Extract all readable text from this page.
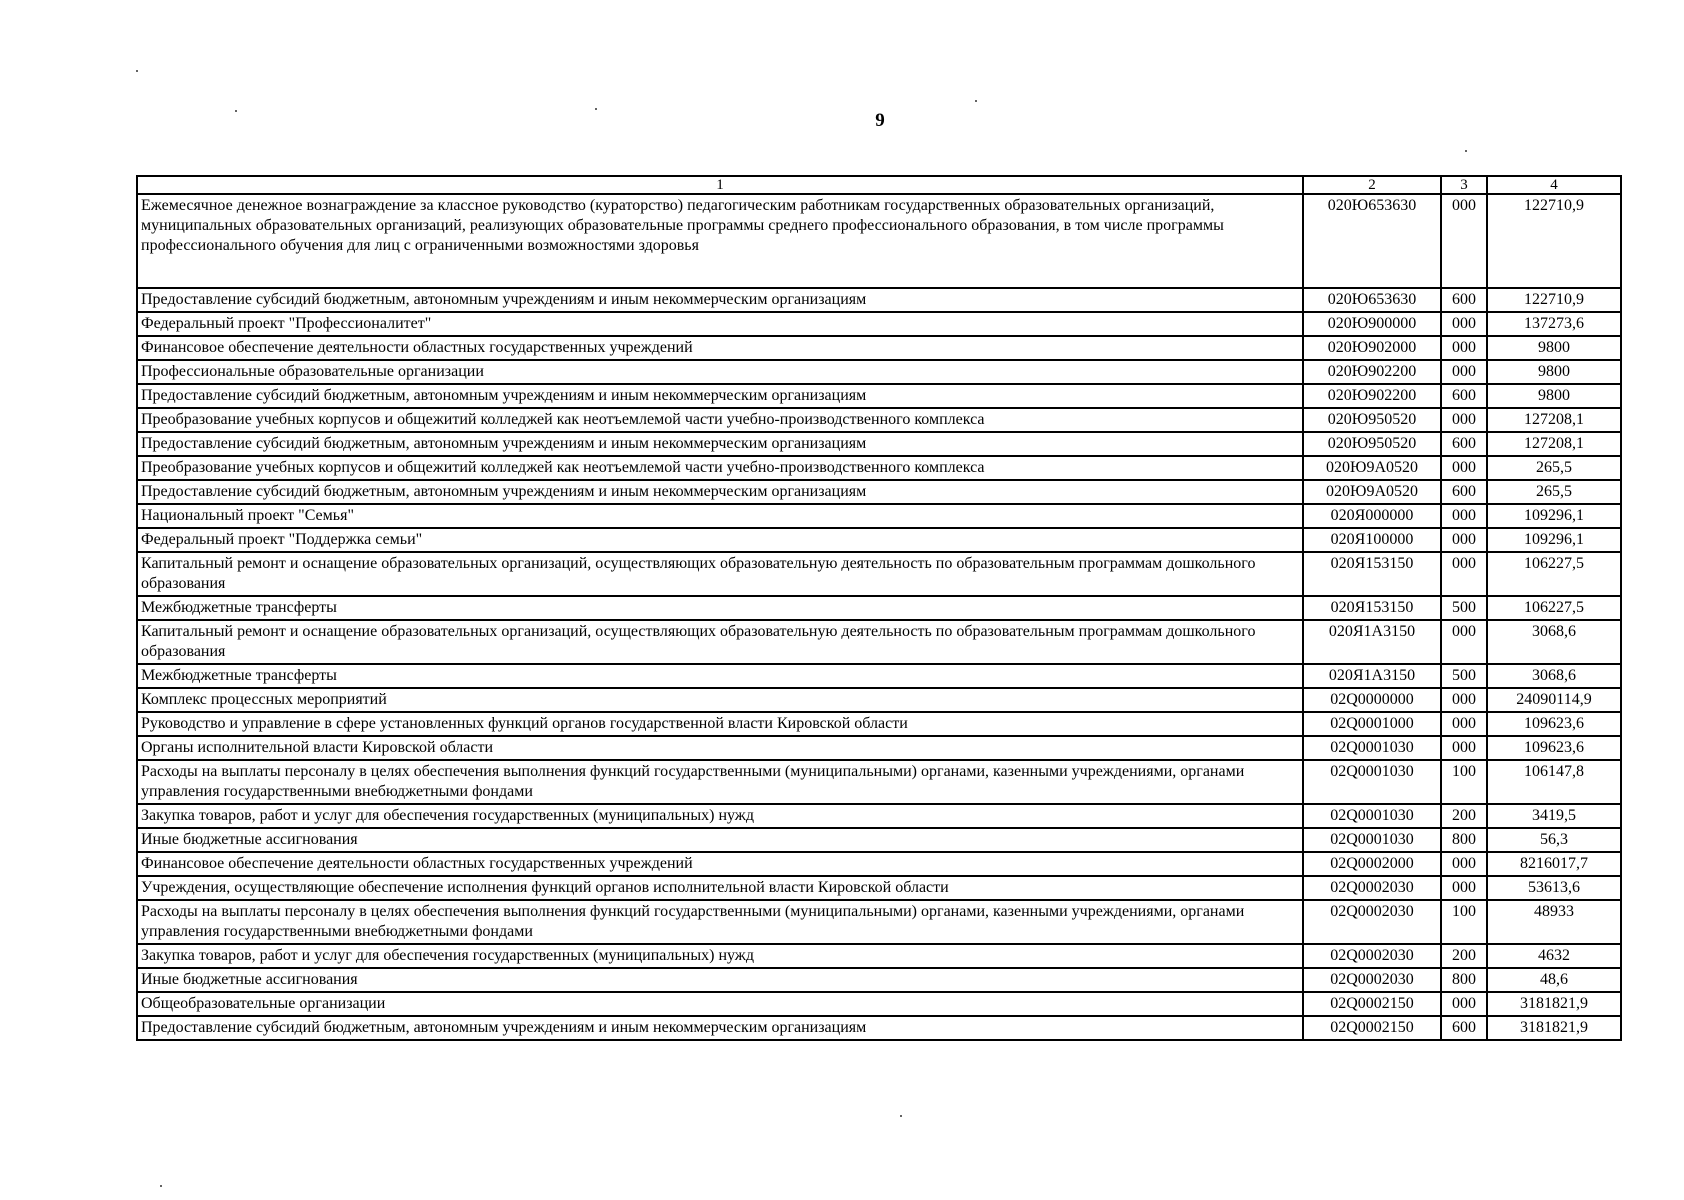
9
1	2	3	4
Ежемесячное денежное вознаграждение за классное руководство (кураторство) педагогическим работникам государственных образовательных организаций, муниципальных образовательных организаций, реализующих образовательные программы среднего профессионального образования, в том числе программы профессионального обучения для лиц с ограниченными возможностями здоровья	020Ю653630	000	122710,9
Предоставление субсидий бюджетным, автономным учреждениям и иным некоммерческим организациям	020Ю653630	600	122710,9
Федеральный проект "Профессионалитет"	020Ю900000	000	137273,6
Финансовое обеспечение деятельности областных государственных учреждений	020Ю902000	000	9800
Профессиональные образовательные организации	020Ю902200	000	9800
Предоставление субсидий бюджетным, автономным учреждениям и иным некоммерческим организациям	020Ю902200	600	9800
Преобразование учебных корпусов и общежитий колледжей как неотъемлемой части учебно-производственного комплекса	020Ю950520	000	127208,1
Предоставление субсидий бюджетным, автономным учреждениям и иным некоммерческим организациям	020Ю950520	600	127208,1
Преобразование учебных корпусов и общежитий колледжей как неотъемлемой части учебно-производственного комплекса	020Ю9А0520	000	265,5
Предоставление субсидий бюджетным, автономным учреждениям и иным некоммерческим организациям	020Ю9А0520	600	265,5
Национальный проект "Семья"	020Я000000	000	109296,1
Федеральный проект "Поддержка семьи"	020Я100000	000	109296,1
Капитальный ремонт и оснащение образовательных организаций, осуществляющих образовательную деятельность по образовательным программам дошкольного образования	020Я153150	000	106227,5
Межбюджетные трансферты	020Я153150	500	106227,5
Капитальный ремонт и оснащение образовательных организаций, осуществляющих образовательную деятельность по образовательным программам дошкольного образования	020Я1А3150	000	3068,6
Межбюджетные трансферты	020Я1А3150	500	3068,6
Комплекс процессных мероприятий	02Q0000000	000	24090114,9
Руководство и управление в сфере установленных функций органов государственной власти Кировской области	02Q0001000	000	109623,6
Органы исполнительной власти Кировской области	02Q0001030	000	109623,6
Расходы на выплаты персоналу в целях обеспечения выполнения функций государственными (муниципальными) органами, казенными учреждениями, органами управления государственными внебюджетными фондами	02Q0001030	100	106147,8
Закупка товаров, работ и услуг для обеспечения государственных (муниципальных) нужд	02Q0001030	200	3419,5
Иные бюджетные ассигнования	02Q0001030	800	56,3
Финансовое обеспечение деятельности областных государственных учреждений	02Q0002000	000	8216017,7
Учреждения, осуществляющие обеспечение исполнения функций органов исполнительной власти Кировской области	02Q0002030	000	53613,6
Расходы на выплаты персоналу в целях обеспечения выполнения функций государственными (муниципальными) органами, казенными учреждениями, органами управления государственными внебюджетными фондами	02Q0002030	100	48933
Закупка товаров, работ и услуг для обеспечения государственных (муниципальных) нужд	02Q0002030	200	4632
Иные бюджетные ассигнования	02Q0002030	800	48,6
Общеобразовательные организации	02Q0002150	000	3181821,9
Предоставление субсидий бюджетным, автономным учреждениям и иным некоммерческим организациям	02Q0002150	600	3181821,9
